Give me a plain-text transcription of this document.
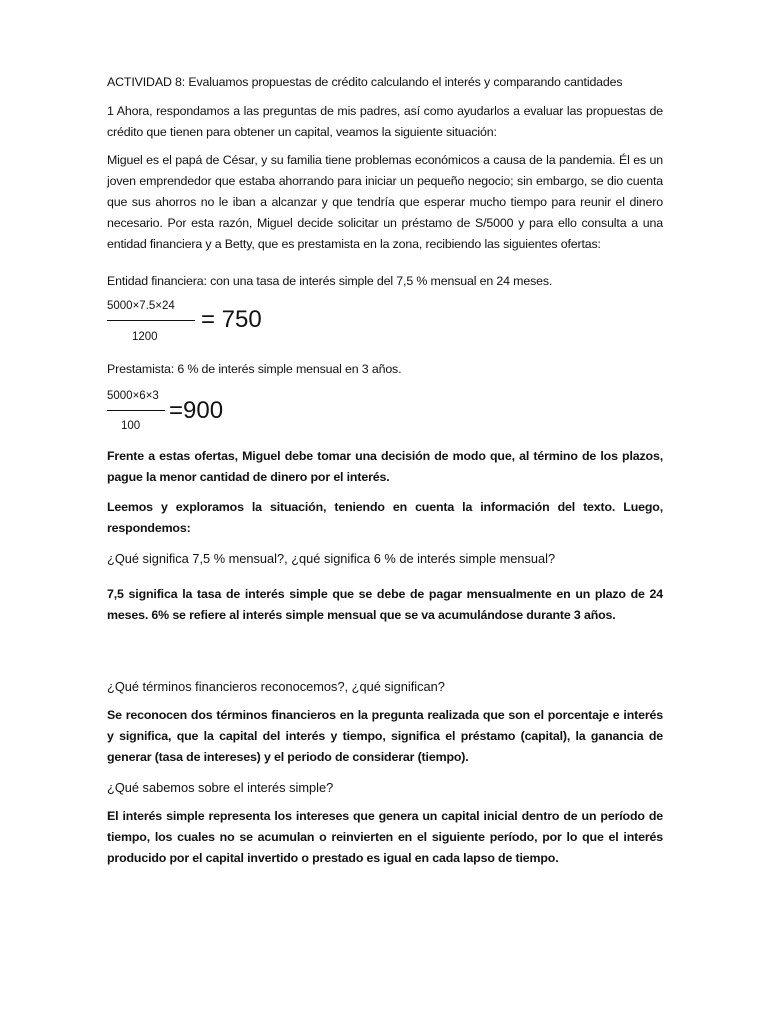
ACTIVIDAD 8: Evaluamos propuestas de crédito calculando el interés y comparando cantidades

1 Ahora, respondamos a las preguntas de mis padres, así como ayudarlos a evaluar las propuestas de crédito que tienen para obtener un capital, veamos la siguiente situación:

Miguel es el papá de César, y su familia tiene problemas económicos a causa de la pandemia. Él es un joven emprendedor que estaba ahorrando para iniciar un pequeño negocio; sin embargo, se dio cuenta que sus ahorros no le iban a alcanzar y que tendría que esperar mucho tiempo para reunir el dinero necesario. Por esta razón, Miguel decide solicitar un préstamo de S/5000 y para ello consulta a una entidad financiera y a Betty, que es prestamista en la zona, recibiendo las siguientes ofertas:

Entidad financiera: con una tasa de interés simple del 7,5 % mensual en 24 meses.

5000×7.5×24
1200
= 750

Prestamista: 6 % de interés simple mensual en 3 años.

5000×6×3
100
=900

Frente a estas ofertas, Miguel debe tomar una decisión de modo que, al término de los plazos, pague la menor cantidad de dinero por el interés.

Leemos y exploramos la situación, teniendo en cuenta la información del texto. Luego, respondemos:

¿Qué significa 7,5 % mensual?, ¿qué significa 6 % de interés simple mensual?

7,5 significa la tasa de interés simple que se debe de pagar mensualmente en un plazo de 24 meses. 6% se refiere al interés simple mensual que se va acumulándose durante 3 años.

¿Qué términos financieros reconocemos?, ¿qué significan?

Se reconocen dos términos financieros en la pregunta realizada que son el porcentaje e interés y significa, que la capital del interés y tiempo, significa el préstamo (capital), la ganancia de generar (tasa de intereses) y el periodo de considerar (tiempo).

¿Qué sabemos sobre el interés simple?

El interés simple representa los intereses que genera un capital inicial dentro de un período de tiempo, los cuales no se acumulan o reinvierten en el siguiente período, por lo que el interés producido por el capital invertido o prestado es igual en cada lapso de tiempo.
